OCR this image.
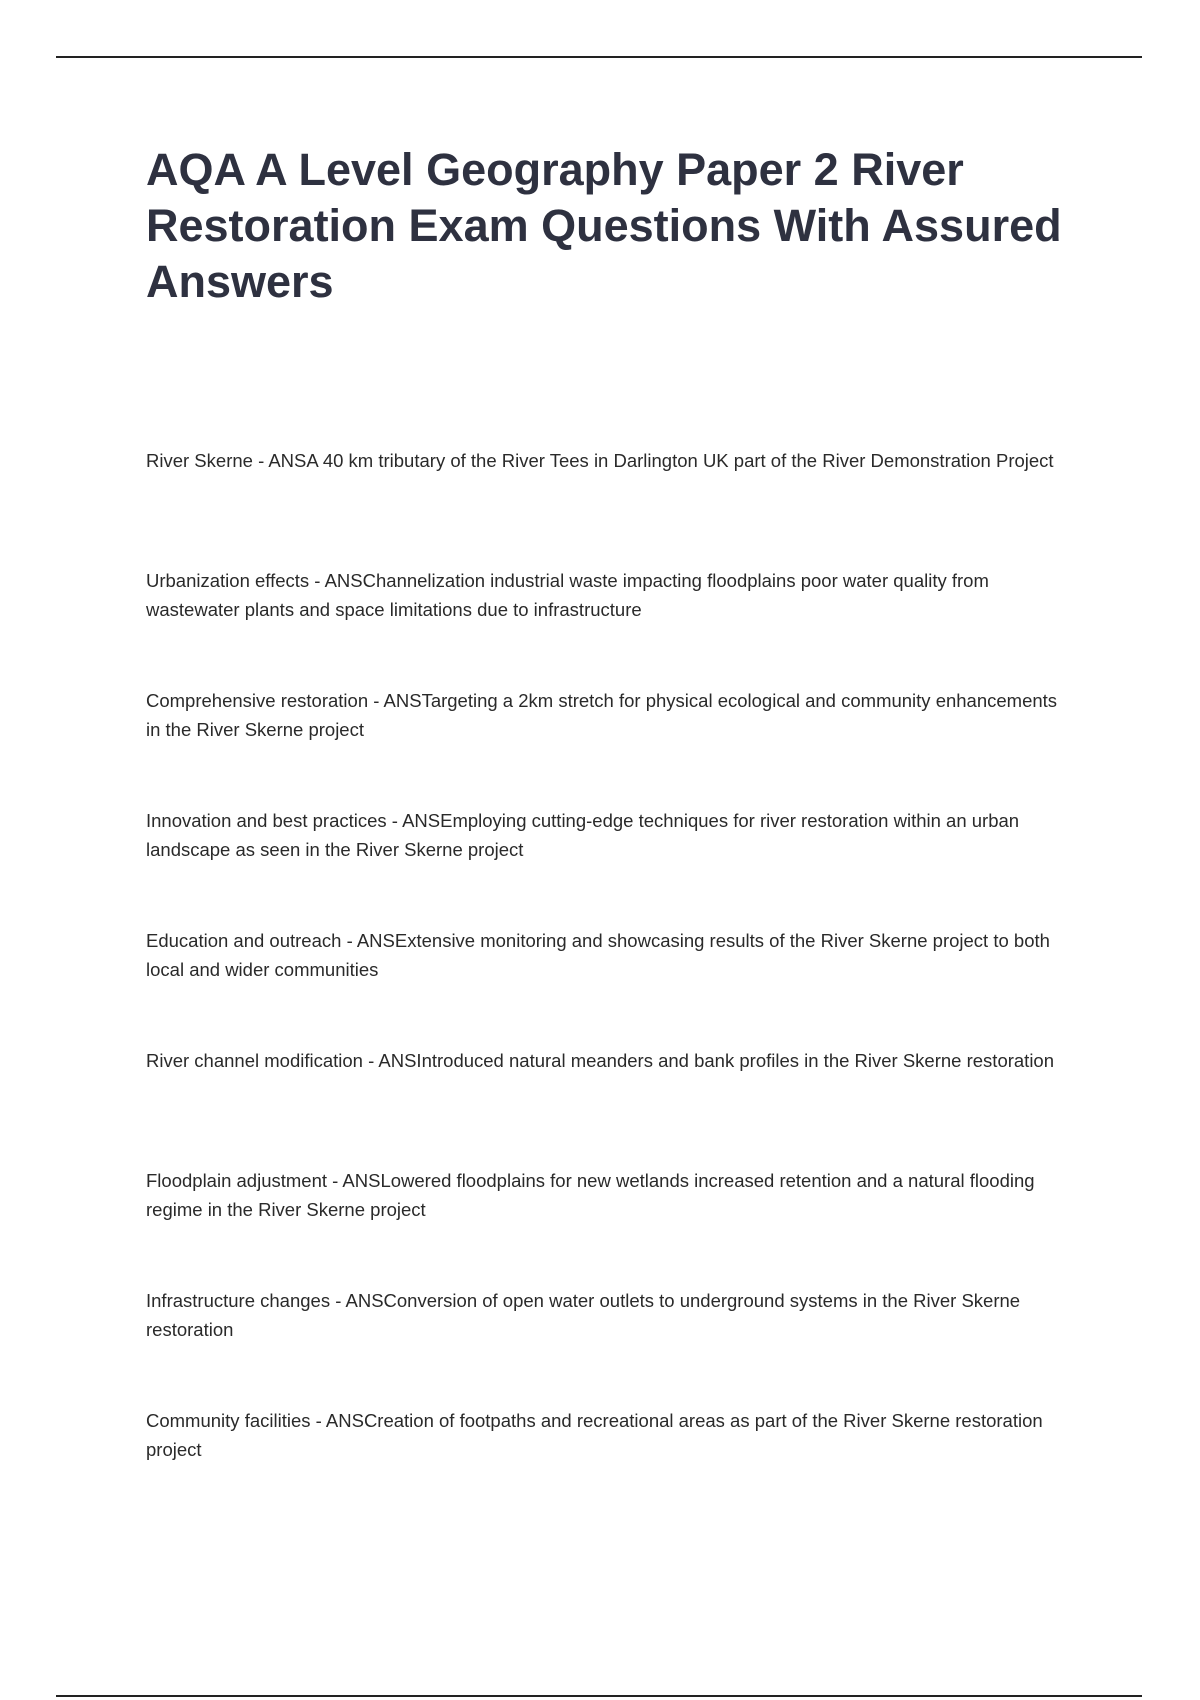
AQA A Level Geography Paper 2 River Restoration Exam Questions With Assured Answers

River Skerne - ANSA 40 km tributary of the River Tees in Darlington UK part of the River Demonstration Project

Urbanization effects - ANSChannelization industrial waste impacting floodplains poor water quality from wastewater plants and space limitations due to infrastructure

Comprehensive restoration - ANSTargeting a 2km stretch for physical ecological and community enhancements in the River Skerne project

Innovation and best practices - ANSEmploying cutting-edge techniques for river restoration within an urban landscape as seen in the River Skerne project

Education and outreach - ANSExtensive monitoring and showcasing results of the River Skerne project to both local and wider communities

River channel modification - ANSIntroduced natural meanders and bank profiles in the River Skerne restoration

Floodplain adjustment - ANSLowered floodplains for new wetlands increased retention and a natural flooding regime in the River Skerne project

Infrastructure changes - ANSConversion of open water outlets to underground systems in the River Skerne restoration

Community facilities - ANSCreation of footpaths and recreational areas as part of the River Skerne restoration project
